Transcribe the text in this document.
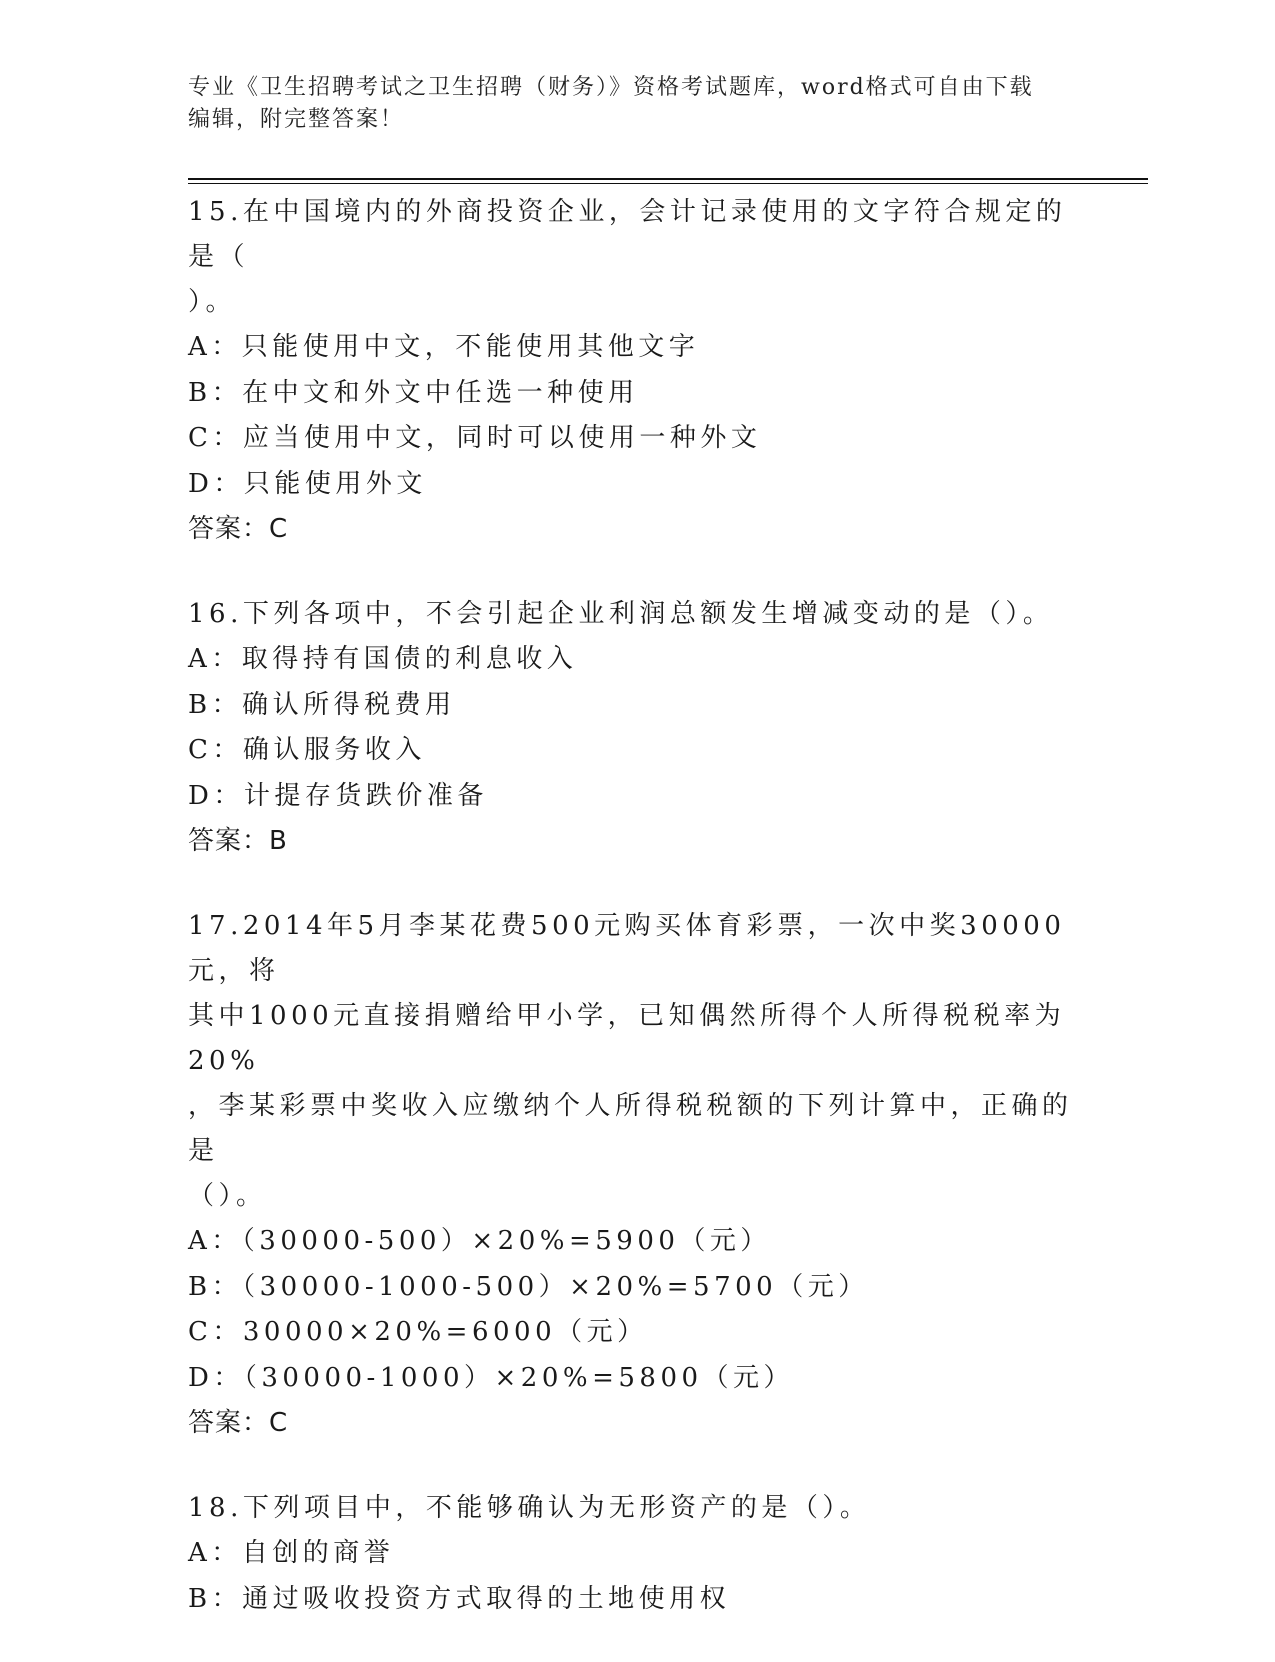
专业《卫生招聘考试之卫生招聘（财务）》资格考试题库，word格式可自由下载
编辑，附完整答案！

15.在中国境内的外商投资企业，会计记录使用的文字符合规定的是（

）。

A：只能使用中文，不能使用其他文字

B：在中文和外文中任选一种使用

C：应当使用中文，同时可以使用一种外文

D：只能使用外文

答案：C

16.下列各项中，不会引起企业利润总额发生增减变动的是（）。

A：取得持有国债的利息收入

B：确认所得税费用

C：确认服务收入

D：计提存货跌价准备

答案：B

17.2014年5月李某花费500元购买体育彩票，一次中奖30000元，将

其中1000元直接捐赠给甲小学，已知偶然所得个人所得税税率为20%

，李某彩票中奖收入应缴纳个人所得税税额的下列计算中，正确的是

（）。

A：（30000-500）×20%=5900（元）

B：（30000-1000-500）×20%=5700（元）

C：30000×20%=6000（元）

D：（30000-1000）×20%=5800（元）

答案：C

18.下列项目中，不能够确认为无形资产的是（）。

A：自创的商誉

B：通过吸收投资方式取得的土地使用权
